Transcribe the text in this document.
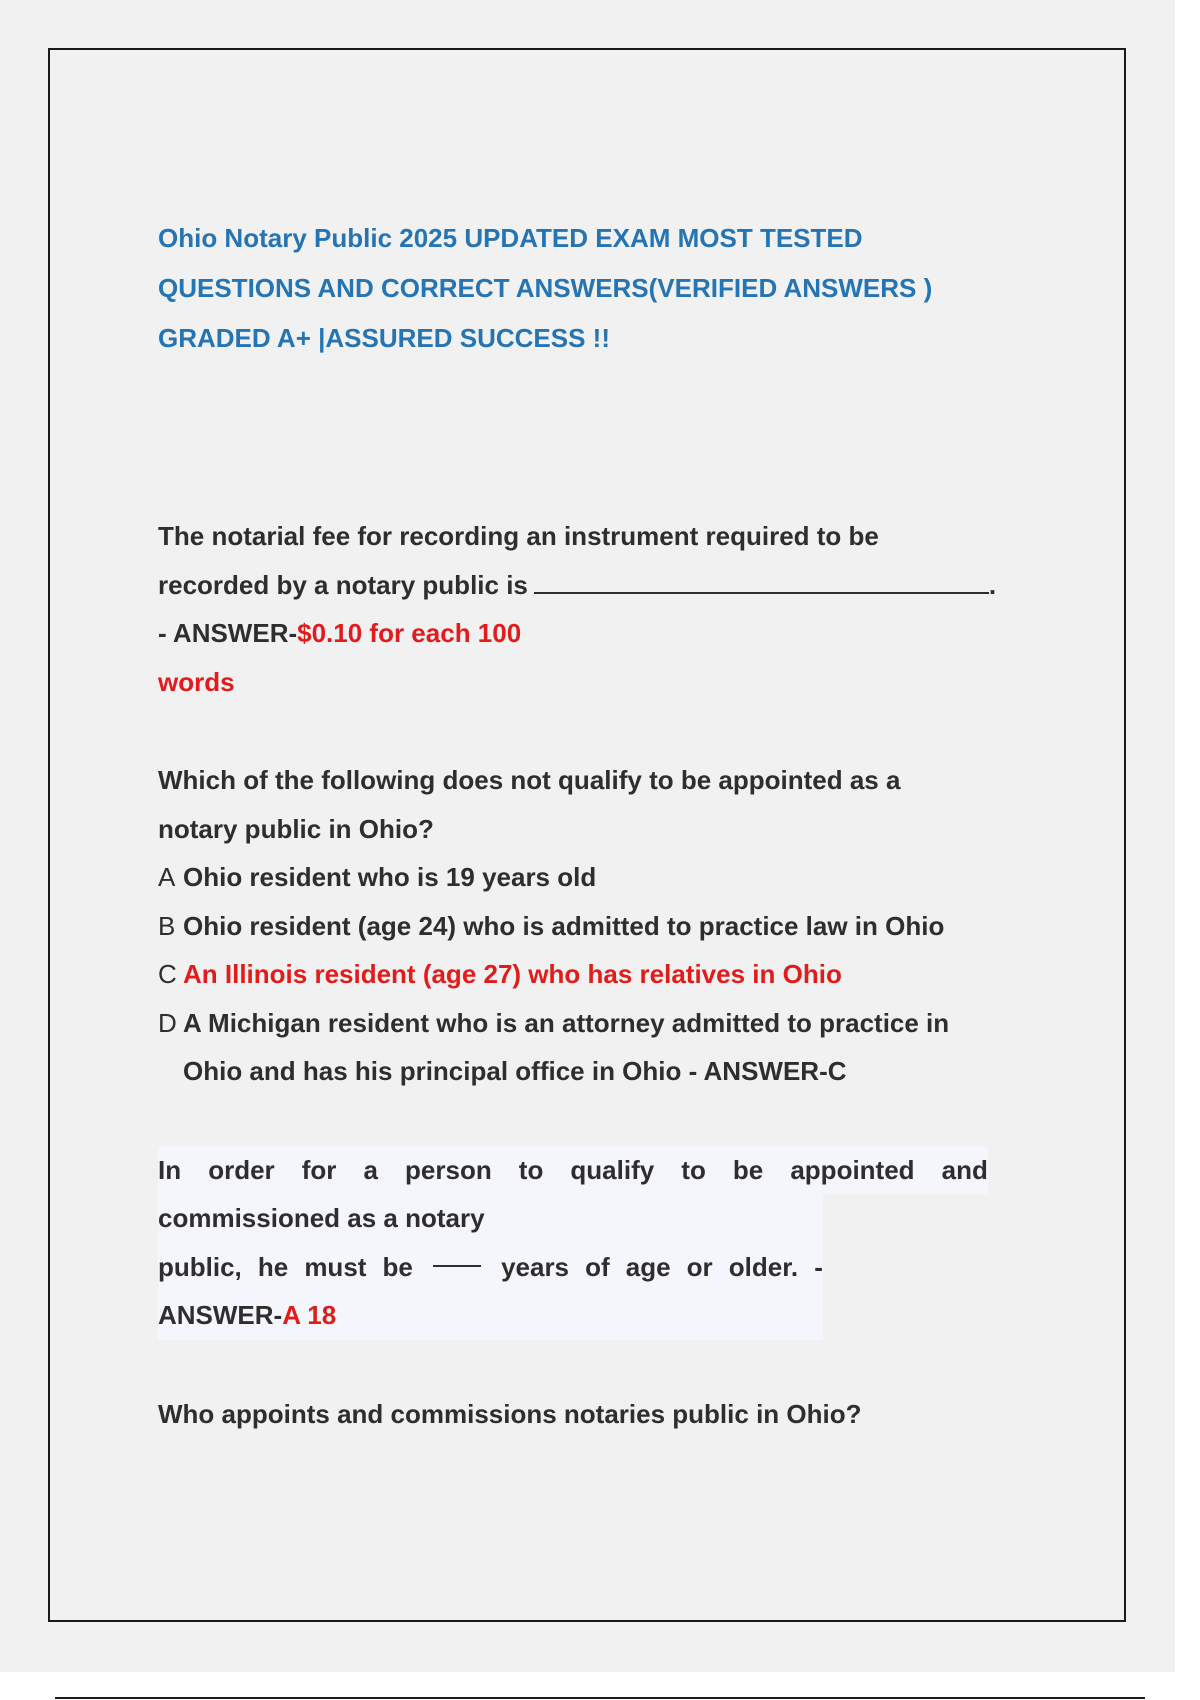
Ohio Notary Public 2025 UPDATED EXAM MOST TESTED
QUESTIONS AND CORRECT ANSWERS(VERIFIED ANSWERS )
GRADED A+ |ASSURED SUCCESS !!
The notarial fee for recording an instrument required to be
recorded by a notary public is	.
- ANSWER-$0.10 for each 100
words
Which of the following does not qualify to be appointed as a
notary public in Ohio?
A Ohio resident who is 19 years old
B Ohio resident (age 24) who is admitted to practice law in Ohio
C An Illinois resident (age 27) who has relatives in Ohio
D A Michigan resident who is an attorney admitted to practice in
Ohio and has his principal office in Ohio - ANSWER-C
In order for a person to qualify to be appointed and
commissioned as a notary
public, he must be	years of age or older. -
ANSWER-A 18
Who appoints and commissions notaries public in Ohio?
